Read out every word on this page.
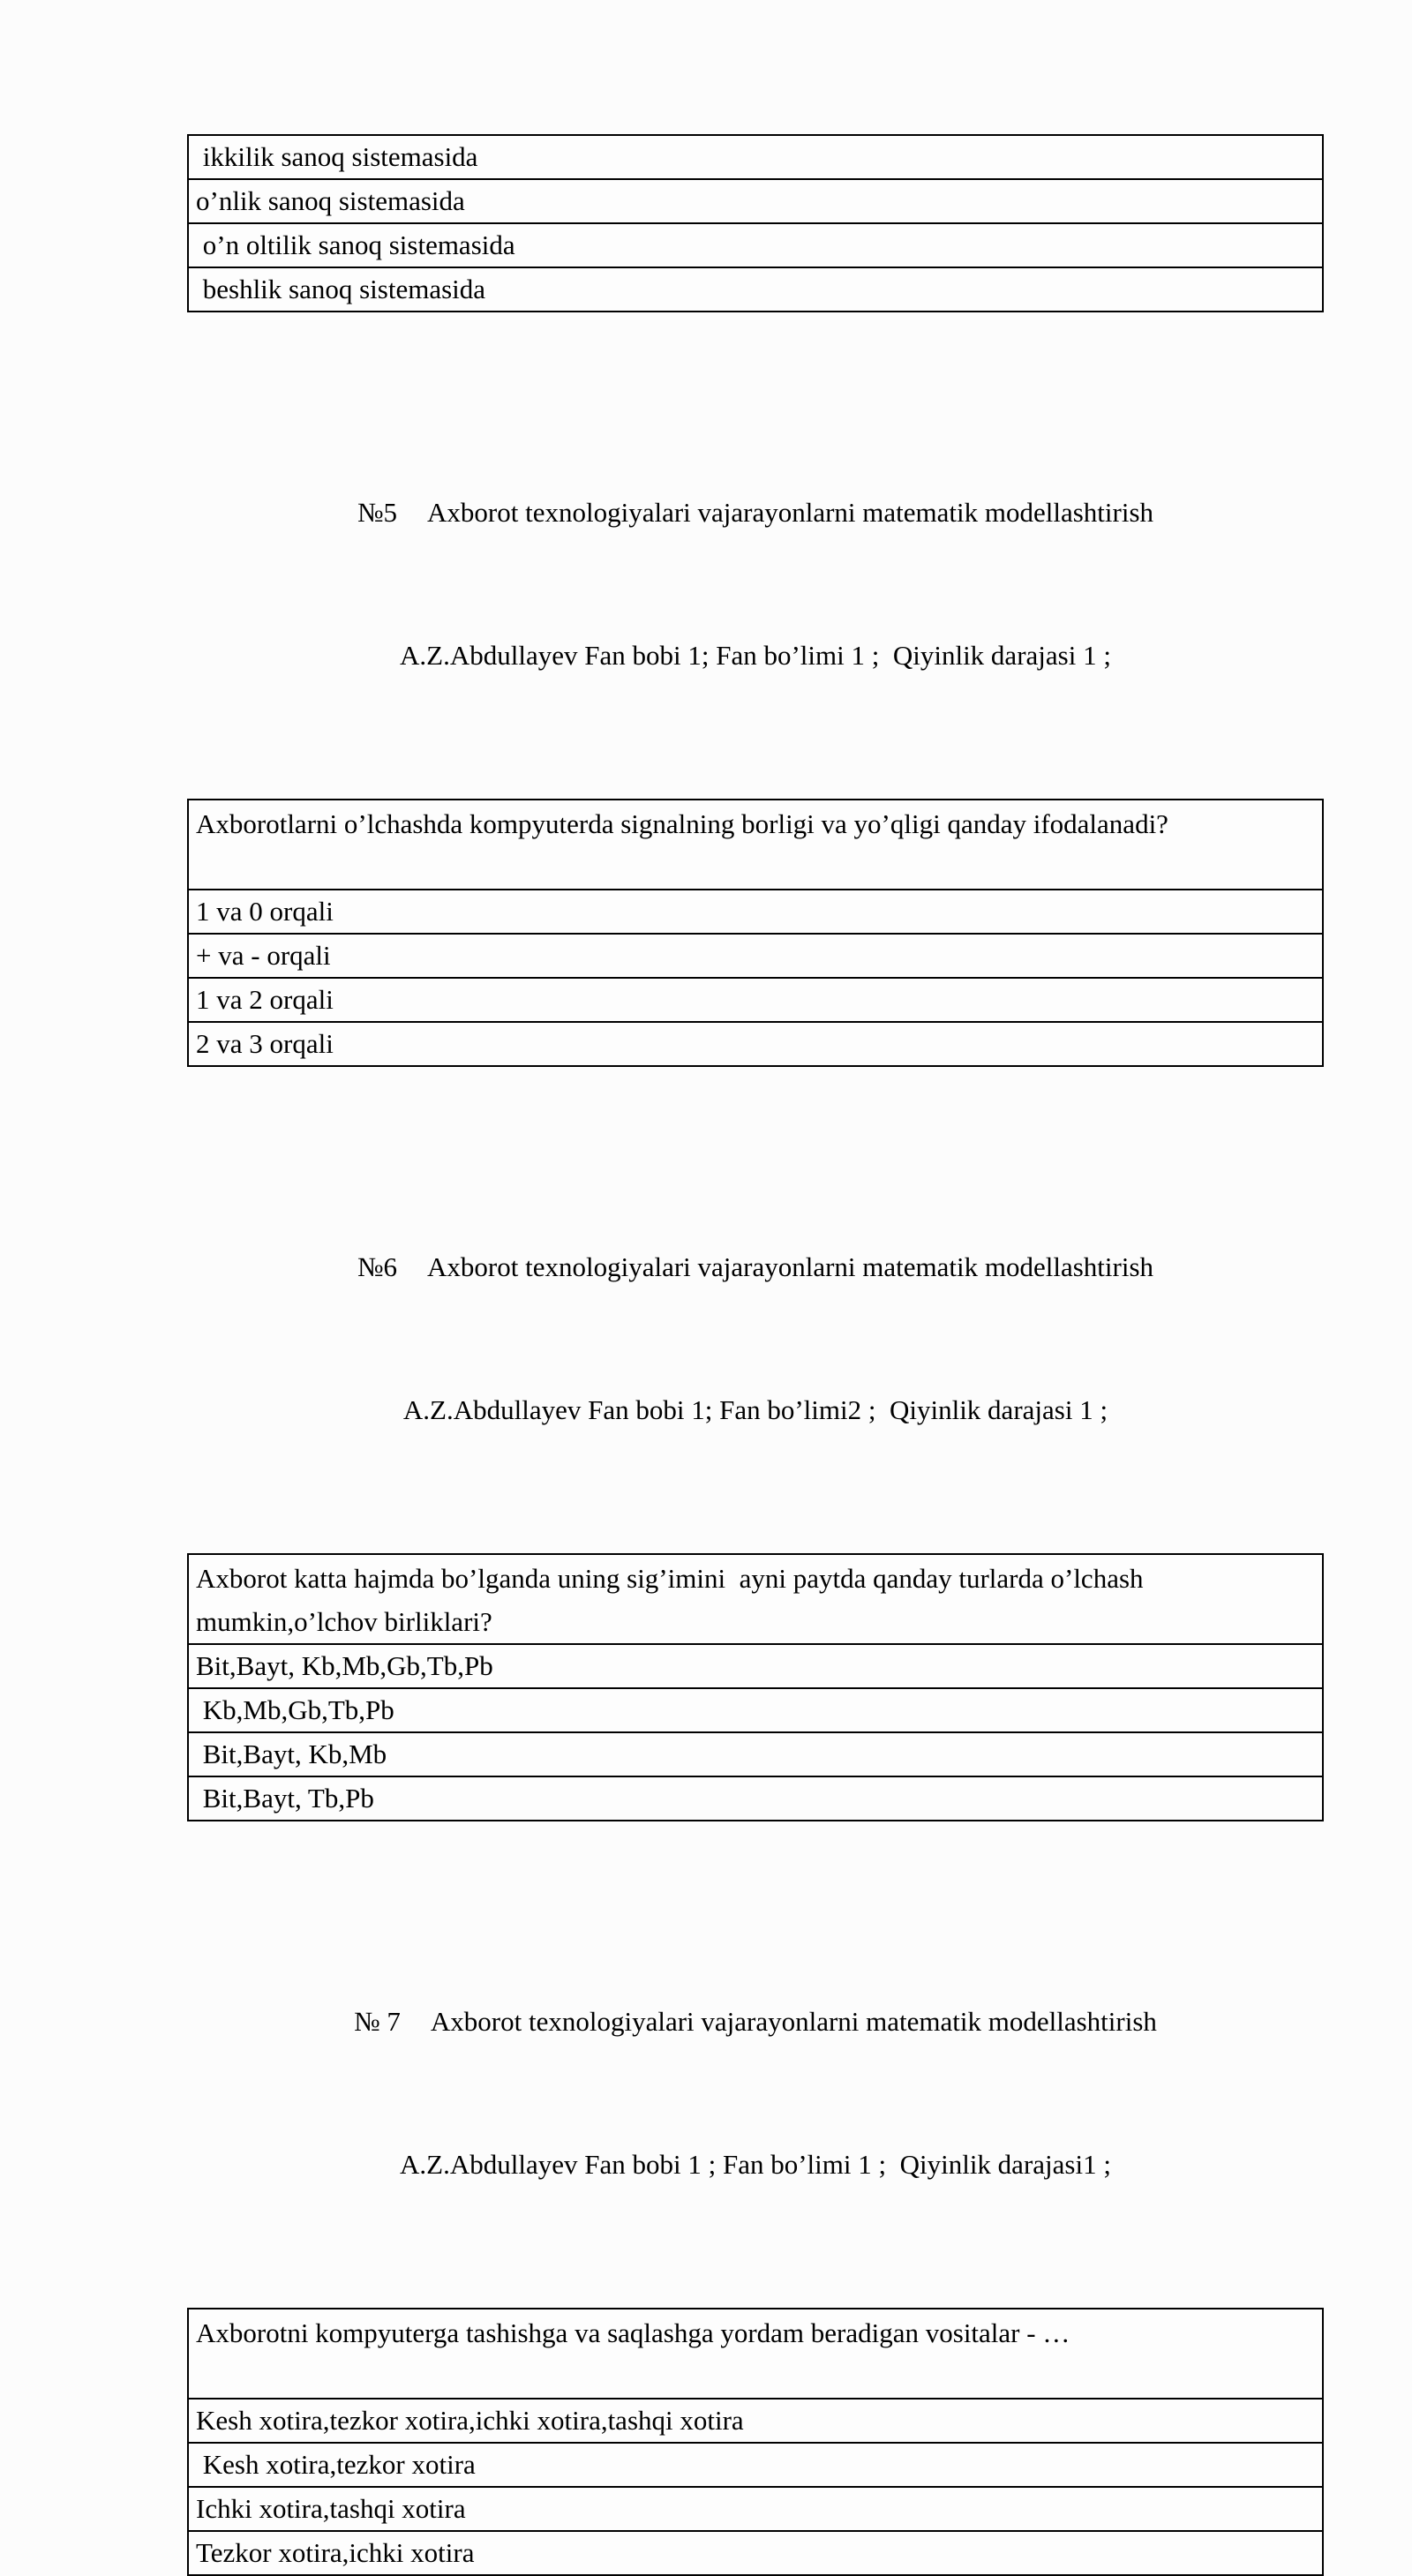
ikkilik sanoq sistemasida
o’nlik sanoq sistemasida
o’n oltilik sanoq sistemasida
beshlik sanoq sistemasida

№5 Axborot texnologiyalari vajarayonlarni matematik modellashtirish

A.Z.Abdullayev Fan bobi 1; Fan bo’limi 1 ;  Qiyinlik darajasi 1 ;

Axborotlarni o’lchashda kompyuterda signalning borligi va yo’qligi qanday ifodalanadi?
1 va 0 orqali
+ va - orqali
1 va 2 orqali
2 va 3 orqali

№6 Axborot texnologiyalari vajarayonlarni matematik modellashtirish

A.Z.Abdullayev Fan bobi 1; Fan bo’limi2 ;  Qiyinlik darajasi 1 ;

Axborot katta hajmda bo’lganda uning sig’imini  ayni paytda qanday turlarda o’lchash mumkin,o’lchov birliklari?
Bit,Bayt, Kb,Mb,Gb,Tb,Pb
Kb,Mb,Gb,Tb,Pb
Bit,Bayt, Kb,Mb
Bit,Bayt, Tb,Pb

№ 7 Axborot texnologiyalari vajarayonlarni matematik modellashtirish

A.Z.Abdullayev Fan bobi 1 ; Fan bo’limi 1 ;  Qiyinlik darajasi1 ;

Axborotni kompyuterga tashishga va saqlashga yordam beradigan vositalar - …
Kesh xotira,tezkor xotira,ichki xotira,tashqi xotira
Kesh xotira,tezkor xotira
Ichki xotira,tashqi xotira
Tezkor xotira,ichki xotira
